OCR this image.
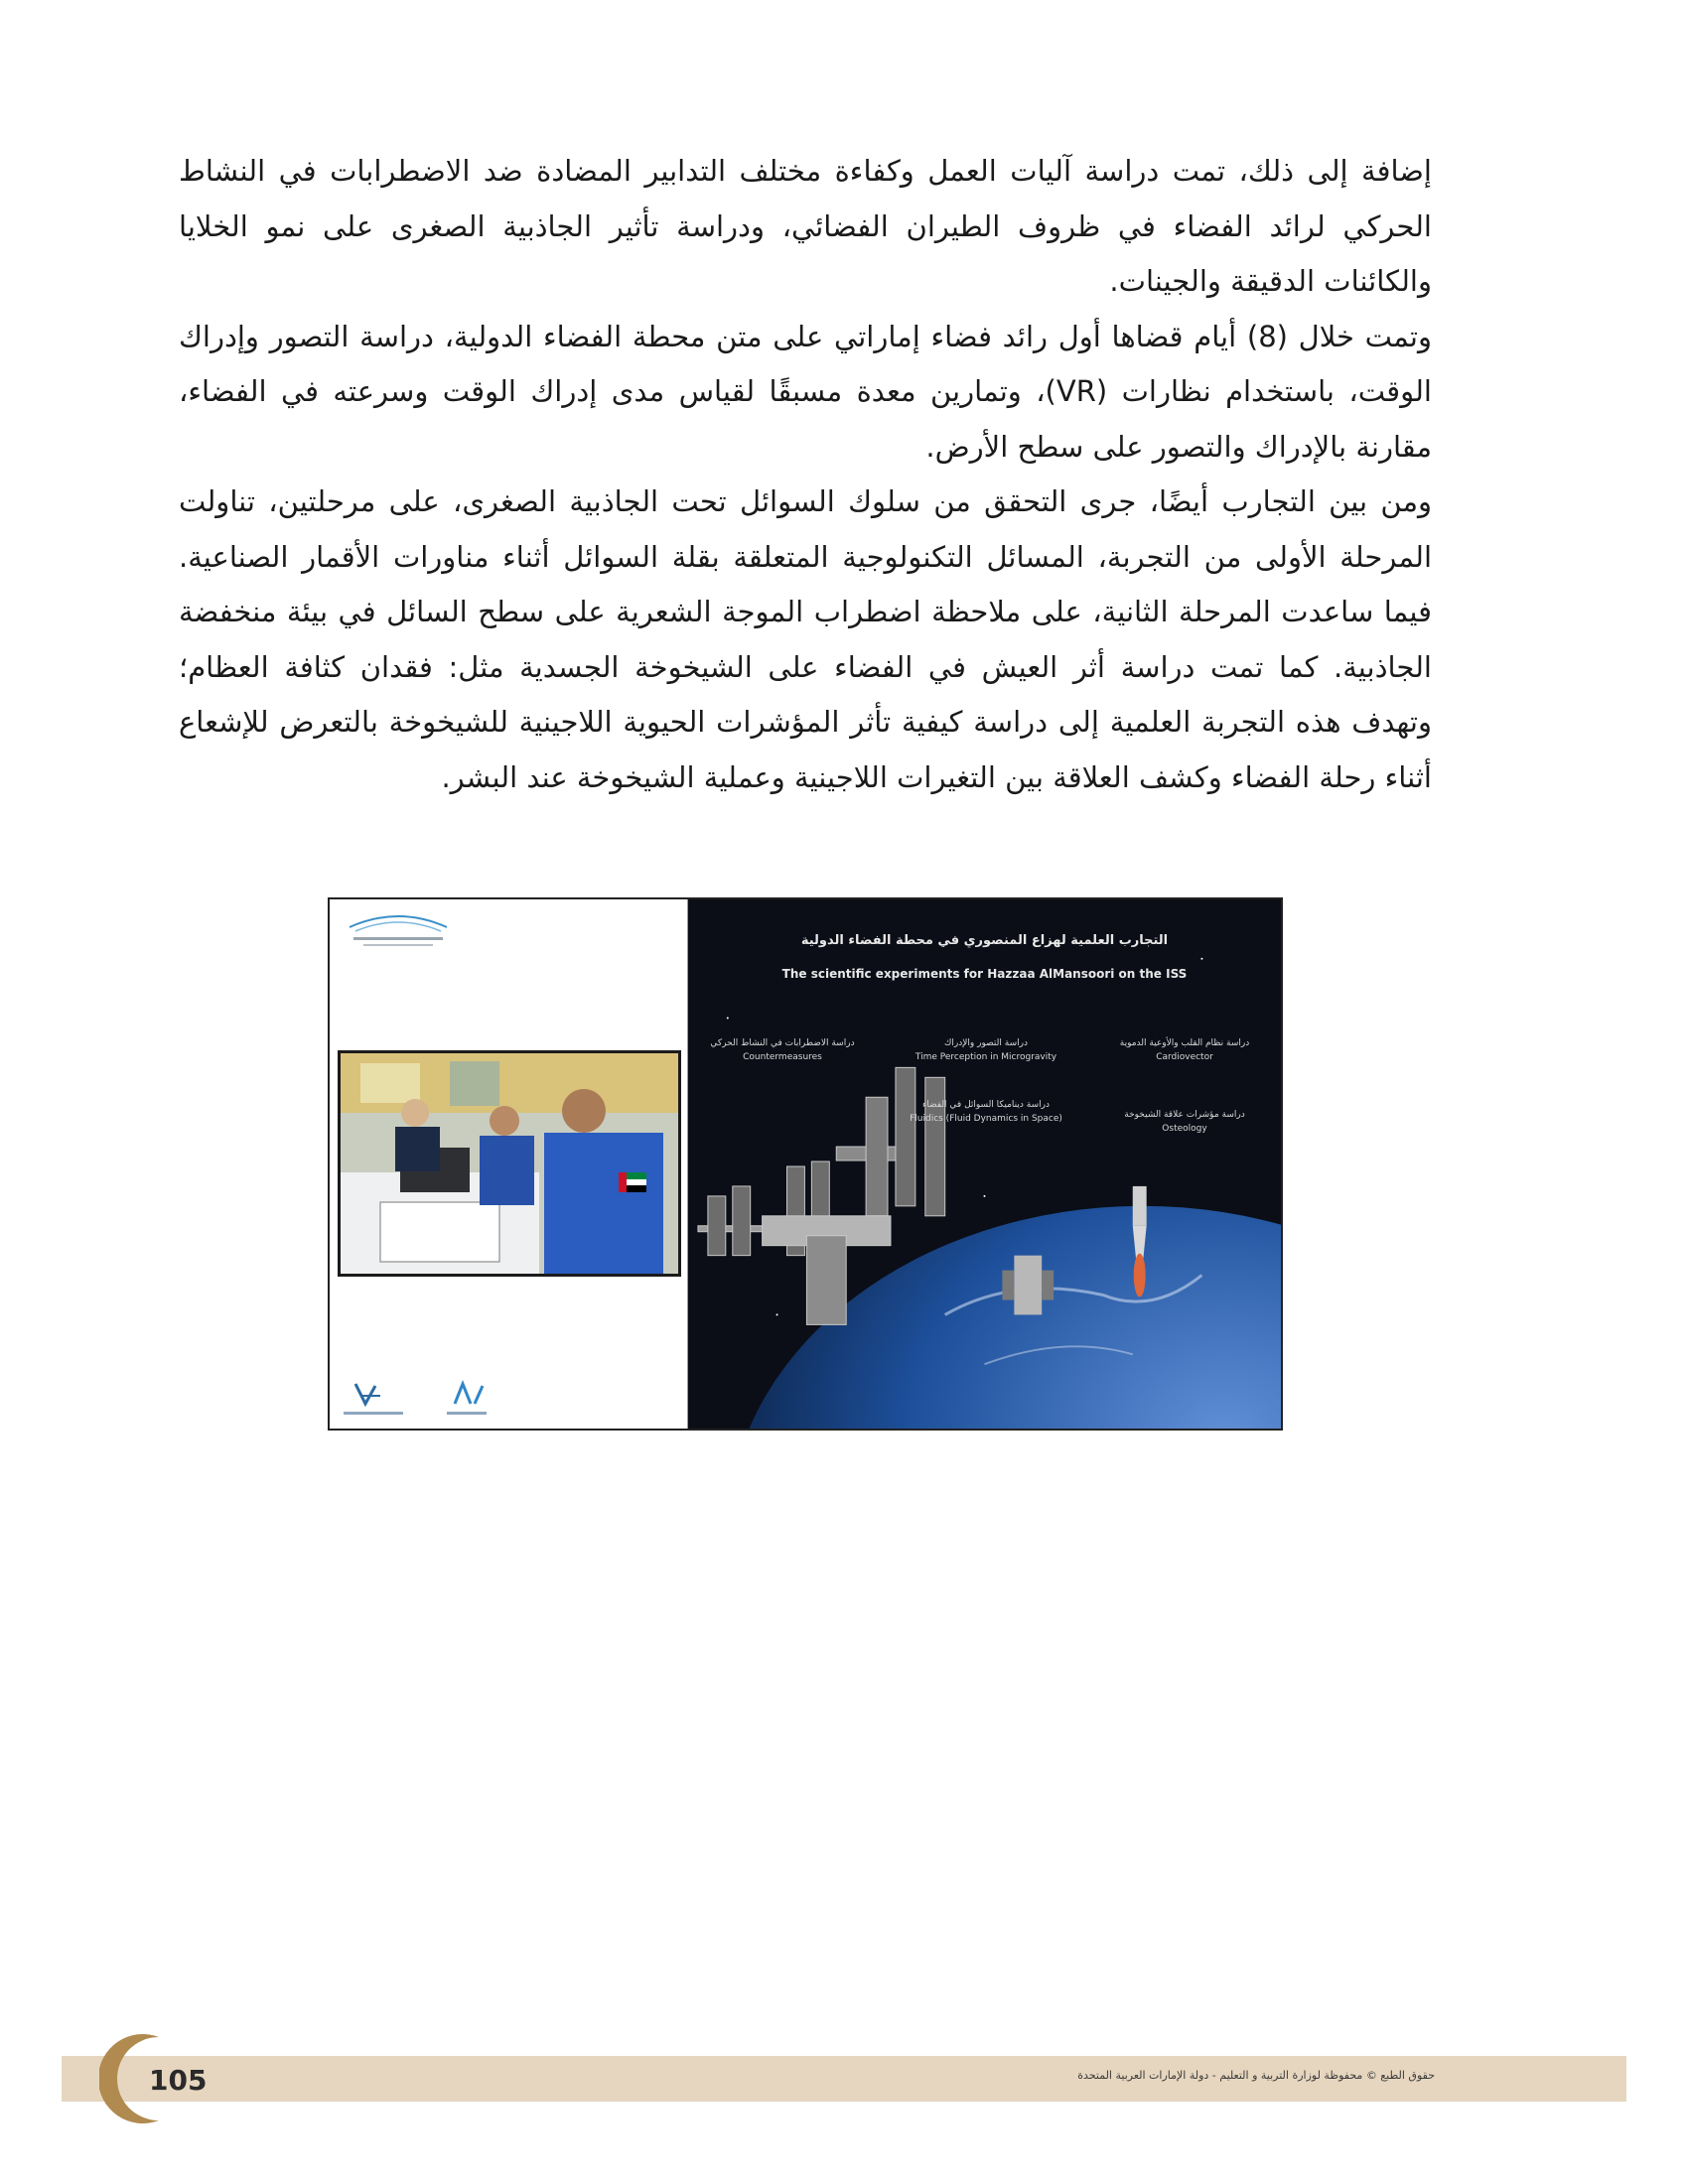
إضافة إلى ذلك، تمت دراسة آليات العمل وكفاءة مختلف التدابير المضادة ضد الاضطرابات في النشاط الحركي لرائد الفضاء في ظروف الطيران الفضائي، ودراسة تأثير الجاذبية الصغرى على نمو الخلايا والكائنات الدقيقة والجينات.

وتمت خلال (8) أيام قضاها أول رائد فضاء إماراتي على متن محطة الفضاء الدولية، دراسة التصور وإدراك الوقت، باستخدام نظارات (VR)، وتمارين معدة مسبقًا لقياس مدى إدراك الوقت وسرعته في الفضاء، مقارنة بالإدراك والتصور على سطح الأرض.

ومن بين التجارب أيضًا، جرى التحقق من سلوك السوائل تحت الجاذبية الصغرى، على مرحلتين، تناولت المرحلة الأولى من التجربة، المسائل التكنولوجية المتعلقة بقلة السوائل أثناء مناورات الأقمار الصناعية. فيما ساعدت المرحلة الثانية، على ملاحظة اضطراب الموجة الشعرية على سطح السائل في بيئة منخفضة الجاذبية. كما تمت دراسة أثر العيش في الفضاء على الشيخوخة الجسدية مثل: فقدان كثافة العظام؛ وتهدف هذه التجربة العلمية إلى دراسة كيفية تأثر المؤشرات الحيوية اللاجينية للشيخوخة بالتعرض للإشعاع أثناء رحلة الفضاء وكشف العلاقة بين التغيرات اللاجينية وعملية الشيخوخة عند البشر.

التجارب العلمية لهزاع المنصوري في محطة الفضاء الدولية
The scientific experiments for Hazzaa AlMansoori on the ISS
دراسة الاضطرابات في النشاط الحركي
Countermeasures
دراسة التصور والإدراك
Time Perception in Microgravity
دراسة نظام القلب والأوعية الدموية
Cardiovector
دراسة ديناميكا السوائل في الفضاء
Fluidics (Fluid Dynamics in Space)	دراسة مؤشرات علاقة الشيخوخة
Osteology
105	حقوق الطبع © محفوظة لوزارة التربية و التعليم - دولة الإمارات العربية المتحدة
